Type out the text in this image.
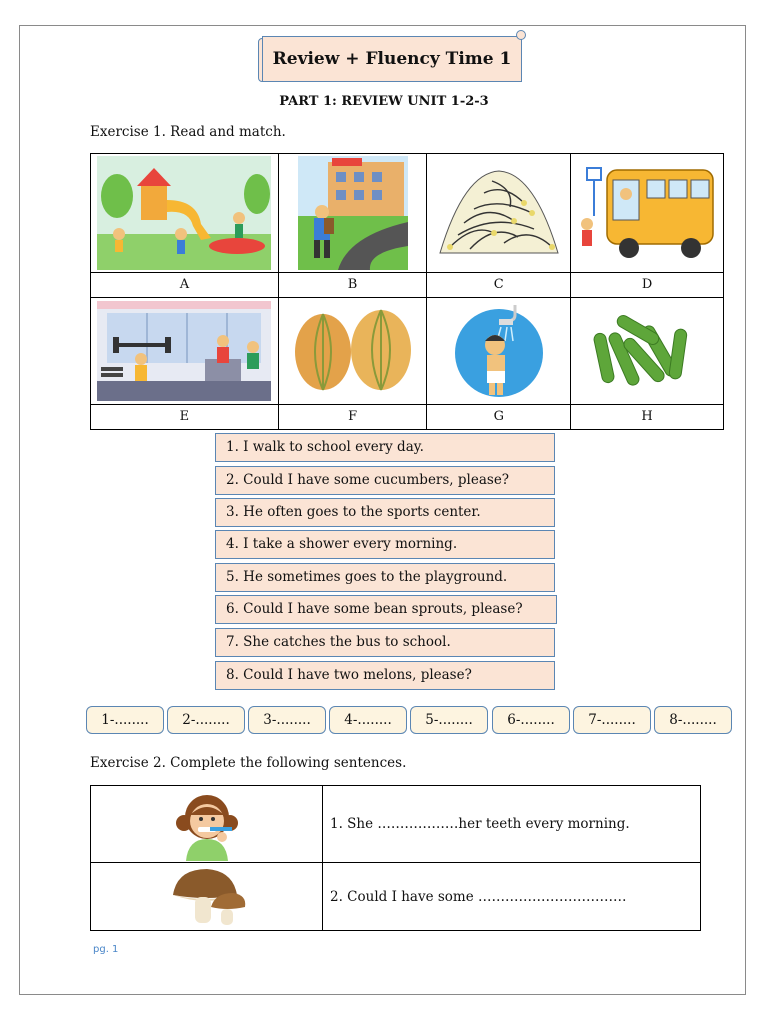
Review + Fluency Time 1
PART 1: REVIEW UNIT 1-2-3
Exercise 1. Read and match.

A	B	C	D

E	F	G	H
1. I walk to school every day.
2. Could I have some cucumbers, please?
3. He often goes to the sports center.
4. I take a shower every morning.
5. He sometimes goes to the playground.
6. Could I have some bean sprouts, please?
7. She catches the bus to school.
8. Could I have two melons, please?
1-........	2-........	3-........	4-........	5-........	6-........	7-........	8-........
Exercise 2. Complete the following sentences.
	1. She ………………her teeth every morning.

	2. Could I have some ……………………………
pg. 1
